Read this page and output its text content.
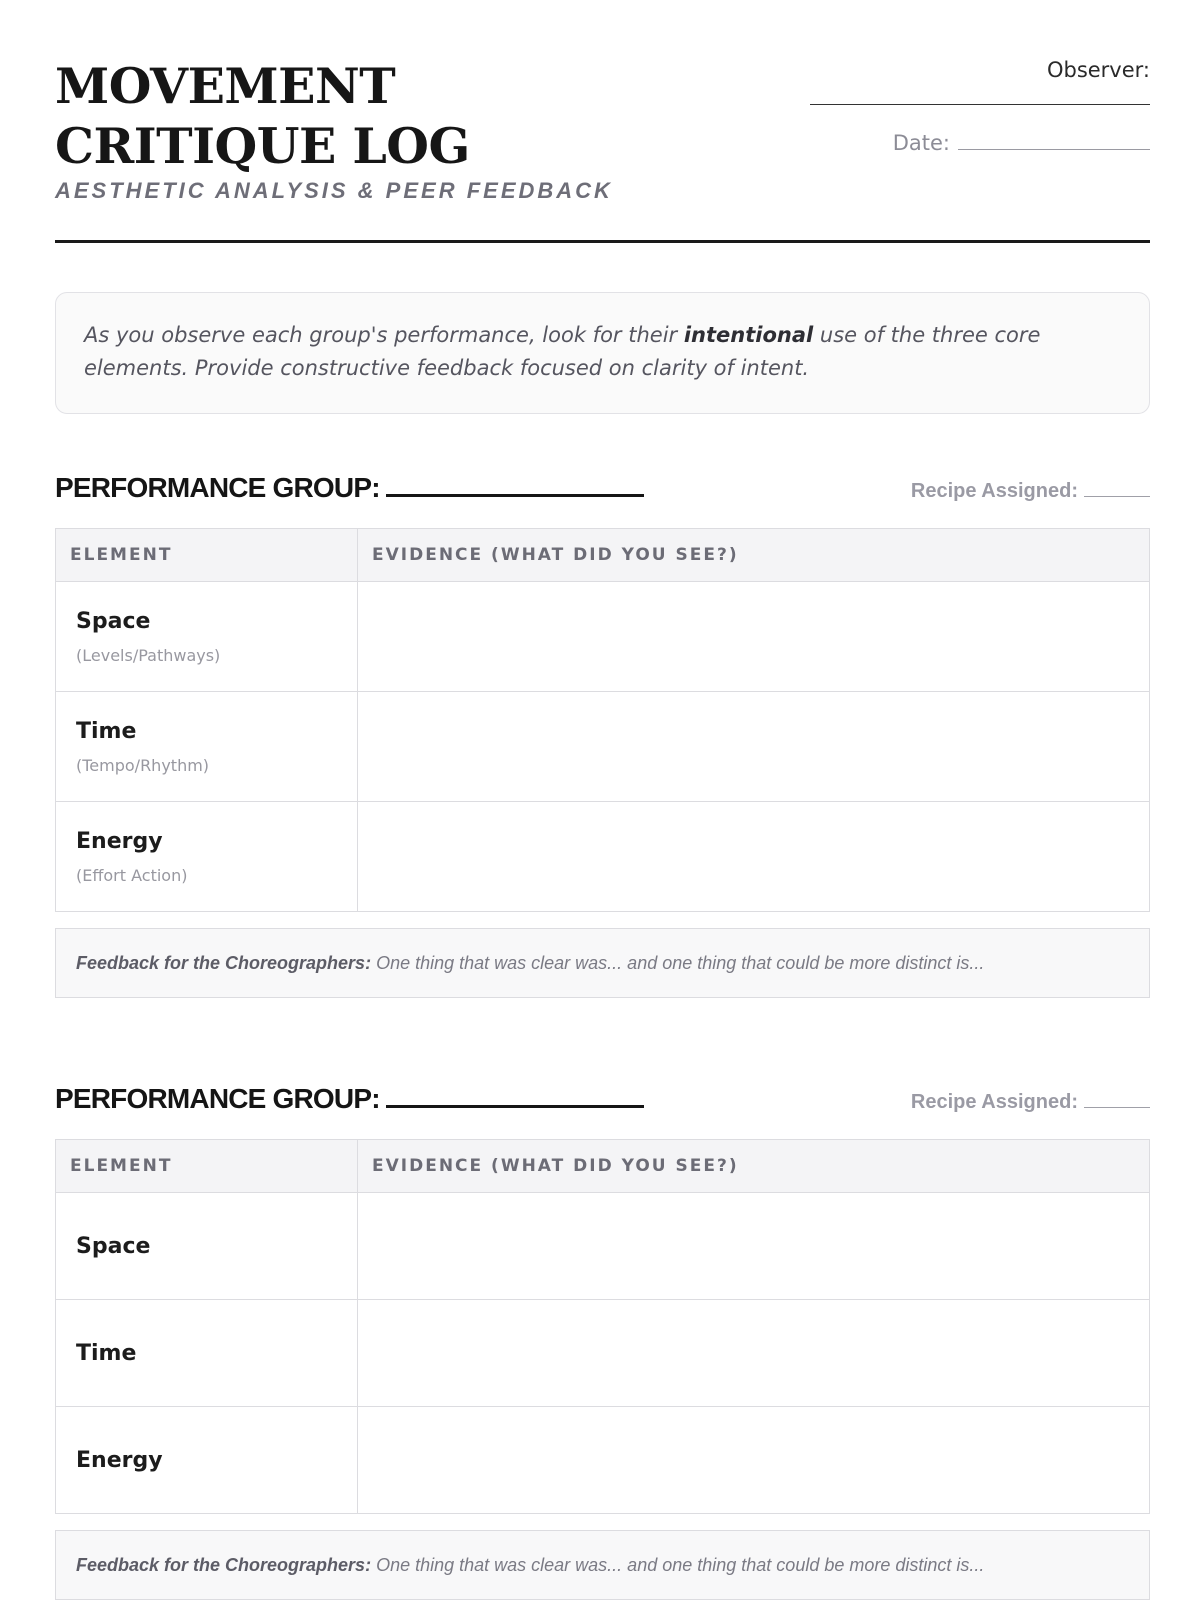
MOVEMENT CRITIQUE LOG
AESTHETIC ANALYSIS & PEER FEEDBACK
Observer:
Date:
As you observe each group's performance, look for their intentional use of the three core elements. Provide constructive feedback focused on clarity of intent.
PERFORMANCE GROUP:	Recipe Assigned:
ELEMENT	EVIDENCE (WHAT DID YOU SEE?)

Space
(Levels/Pathways)	

Time
(Tempo/Rhythm)	

Energy
(Effort Action)	

Feedback for the Choreographers: One thing that was clear was... and one thing that could be more distinct is...
PERFORMANCE GROUP:	Recipe Assigned:
ELEMENT	EVIDENCE (WHAT DID YOU SEE?)

Space	

Time	

Energy	

Feedback for the Choreographers: One thing that was clear was... and one thing that could be more distinct is...
